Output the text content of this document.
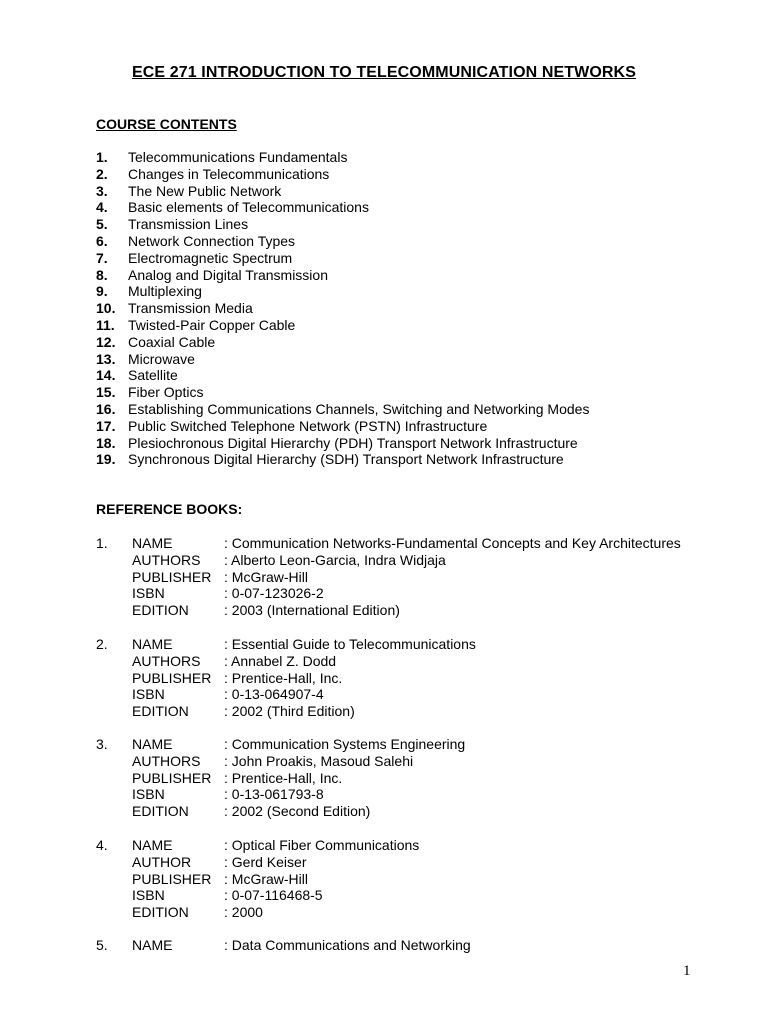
ECE 271 INTRODUCTION TO TELECOMMUNICATION NETWORKS
COURSE CONTENTS
1. Telecommunications Fundamentals
2. Changes in Telecommunications
3. The New Public Network
4. Basic elements of Telecommunications
5. Transmission Lines
6. Network Connection Types
7. Electromagnetic Spectrum
8. Analog and Digital Transmission
9. Multiplexing
10. Transmission Media
11. Twisted-Pair Copper Cable
12. Coaxial Cable
13. Microwave
14. Satellite
15. Fiber Optics
16. Establishing Communications Channels, Switching and Networking Modes
17. Public Switched Telephone Network (PSTN) Infrastructure
18. Plesiochronous Digital Hierarchy (PDH) Transport Network Infrastructure
19. Synchronous Digital Hierarchy (SDH) Transport Network Infrastructure
REFERENCE BOOKS:
1. NAME	: Communication Networks-Fundamental Concepts and Key Architectures
AUTHORS : Alberto Leon-Garcia, Indra Widjaja
PUBLISHER : McGraw-Hill
ISBN	: 0-07-123026-2
EDITION	: 2003 (International Edition)
2. NAME	: Essential Guide to Telecommunications
AUTHORS : Annabel Z. Dodd
PUBLISHER : Prentice-Hall, Inc.
ISBN	: 0-13-064907-4
EDITION	: 2002 (Third Edition)
3. NAME	: Communication Systems Engineering
AUTHORS : John Proakis, Masoud Salehi
PUBLISHER : Prentice-Hall, Inc.
ISBN	: 0-13-061793-8
EDITION	: 2002 (Second Edition)
4. NAME	: Optical Fiber Communications
AUTHOR : Gerd Keiser
PUBLISHER : McGraw-Hill
ISBN	: 0-07-116468-5
EDITION	: 2000
5. NAME	: Data Communications and Networking
1
